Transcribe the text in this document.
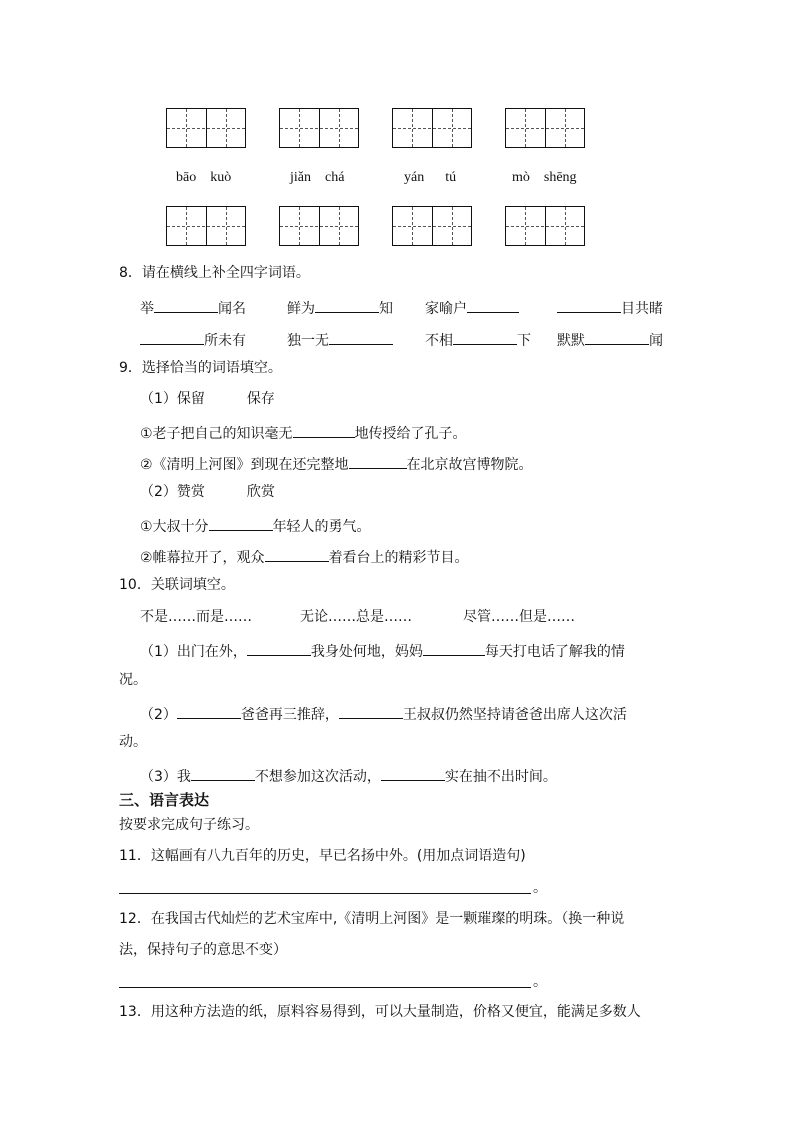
bāo kuò	jiǎn chá	yán tú	mò shēng
8．请在横线上补全四字词语。
举	闻名	鲜为	知 家喻户	目共睹
所未有	独一无	不相	下 默默	闻
9．选择恰当的词语填空。
（1）保留　　　保存
①老子把自己的知识毫无	地传授给了孔子。
②《清明上河图》到现在还完整地	在北京故宫博物院。
（2）赞赏　　　欣赏
①大叔十分	年轻人的勇气。
②帷幕拉开了，观众	着看台上的精彩节目。
10．关联词填空。
不是……而是……	无论……总是……	尽管……但是……
（1）出门在外，	我身处何地，妈妈	每天打电话了解我的情
况。
（2）	爸爸再三推辞，	王叔叔仍然坚持请爸爸出席人这次活
动。
（3）我	不想参加这次活动，	实在抽不出时间。
三、语言表达
按要求完成句子练习。
11．这幅画有八九百年的历史，早已名扬中外。(用加点词语造句)
。
12．在我国古代灿烂的艺术宝库中,《清明上河图》是一颗璀璨的明珠。（换一种说
法，保持句子的意思不变）
。
13．用这种方法造的纸，原料容易得到，可以大量制造，价格又便宜，能满足多数人
